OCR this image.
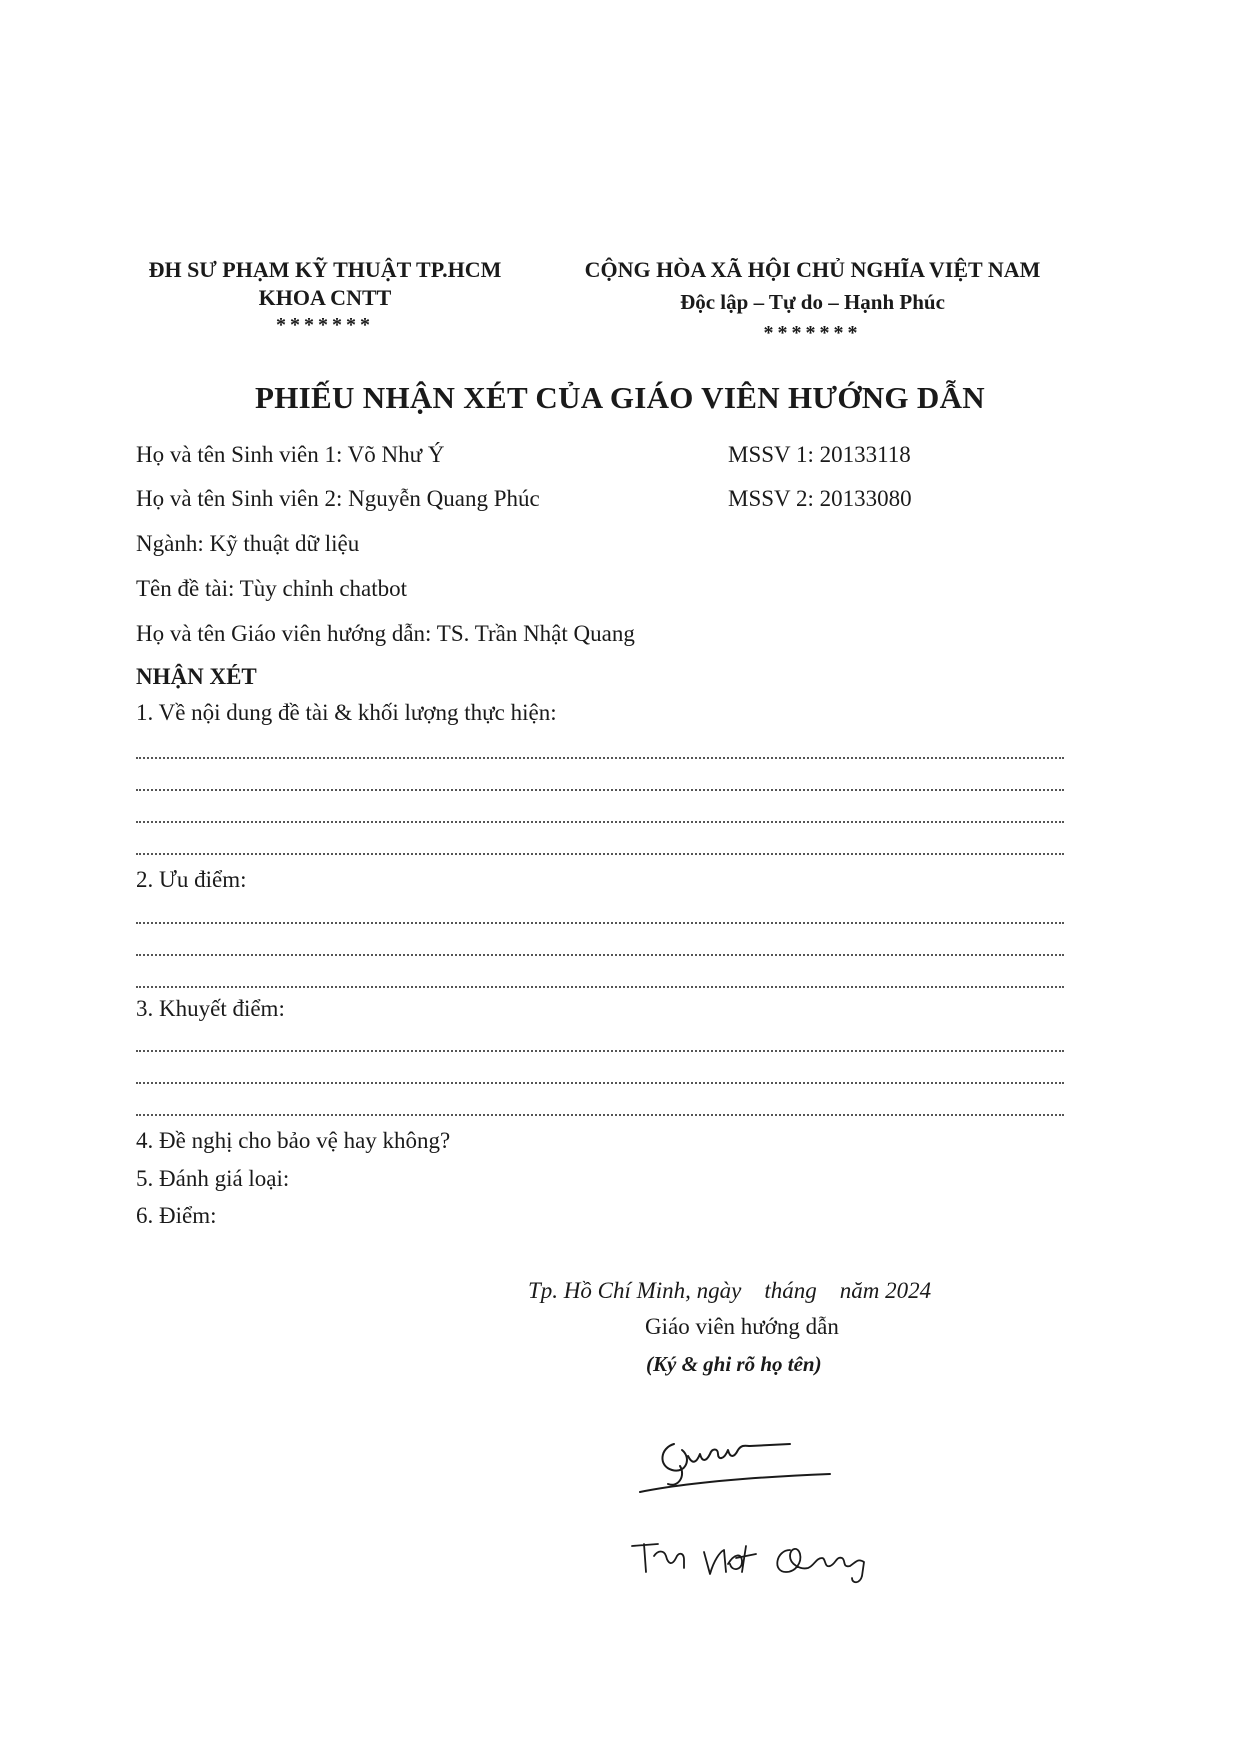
ĐH SƯ PHẠM KỸ THUẬT TP.HCM
KHOA CNTT
*******
CỘNG HÒA XÃ HỘI CHỦ NGHĨA VIỆT NAM
Độc lập – Tự do – Hạnh Phúc
*******
PHIẾU NHẬN XÉT CỦA GIÁO VIÊN HƯỚNG DẪN
Họ và tên Sinh viên 1: Võ Như Ý	MSSV 1: 20133118
Họ và tên Sinh viên 2: Nguyễn Quang Phúc	MSSV 2: 20133080
Ngành: Kỹ thuật dữ liệu
Tên đề tài: Tùy chỉnh chatbot
Họ và tên Giáo viên hướng dẫn: TS. Trần Nhật Quang
NHẬN XÉT
1. Về nội dung đề tài & khối lượng thực hiện:
2. Ưu điểm:
3. Khuyết điểm:
4. Đề nghị cho bảo vệ hay không?
5. Đánh giá loại:
6. Điểm:
Tp. Hồ Chí Minh, ngày    tháng    năm 2024
Giáo viên hướng dẫn
(Ký & ghi rõ họ tên)
